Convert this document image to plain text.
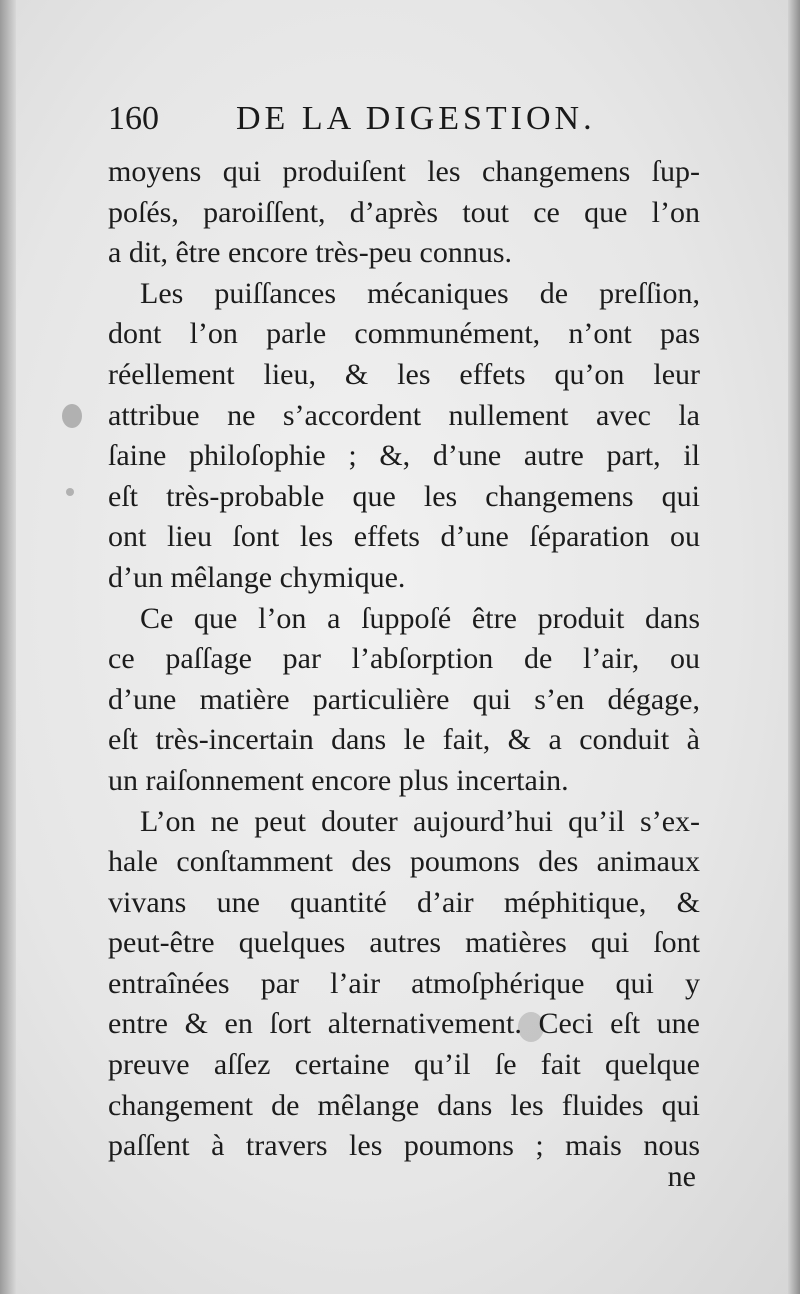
160 DE LA DIGESTION.
moyens qui produiſent les changemens ſup-
poſés, paroiſſent, d’après tout ce que l’on
a dit, être encore très-peu connus.
Les puiſſances mécaniques de preſſion,
dont l’on parle communément, n’ont pas
réellement lieu, & les effets qu’on leur
attribue ne s’accordent nullement avec la
ſaine philoſophie ; &, d’une autre part, il
eſt très-probable que les changemens qui
ont lieu ſont les effets d’une ſéparation ou
d’un mêlange chymique.
Ce que l’on a ſuppoſé être produit dans
ce paſſage par l’abſorption de l’air, ou
d’une matière particulière qui s’en dégage,
eſt très-incertain dans le fait, & a conduit à
un raiſonnement encore plus incertain.
L’on ne peut douter aujourd’hui qu’il s’ex-
hale conſtamment des poumons des animaux
vivans une quantité d’air méphitique, &
peut-être quelques autres matières qui ſont
entraînées par l’air atmoſphérique qui y
entre & en ſort alternativement. Ceci eſt une
preuve aſſez certaine qu’il ſe fait quelque
changement de mêlange dans les fluides qui
paſſent à travers les poumons ; mais nous
ne
